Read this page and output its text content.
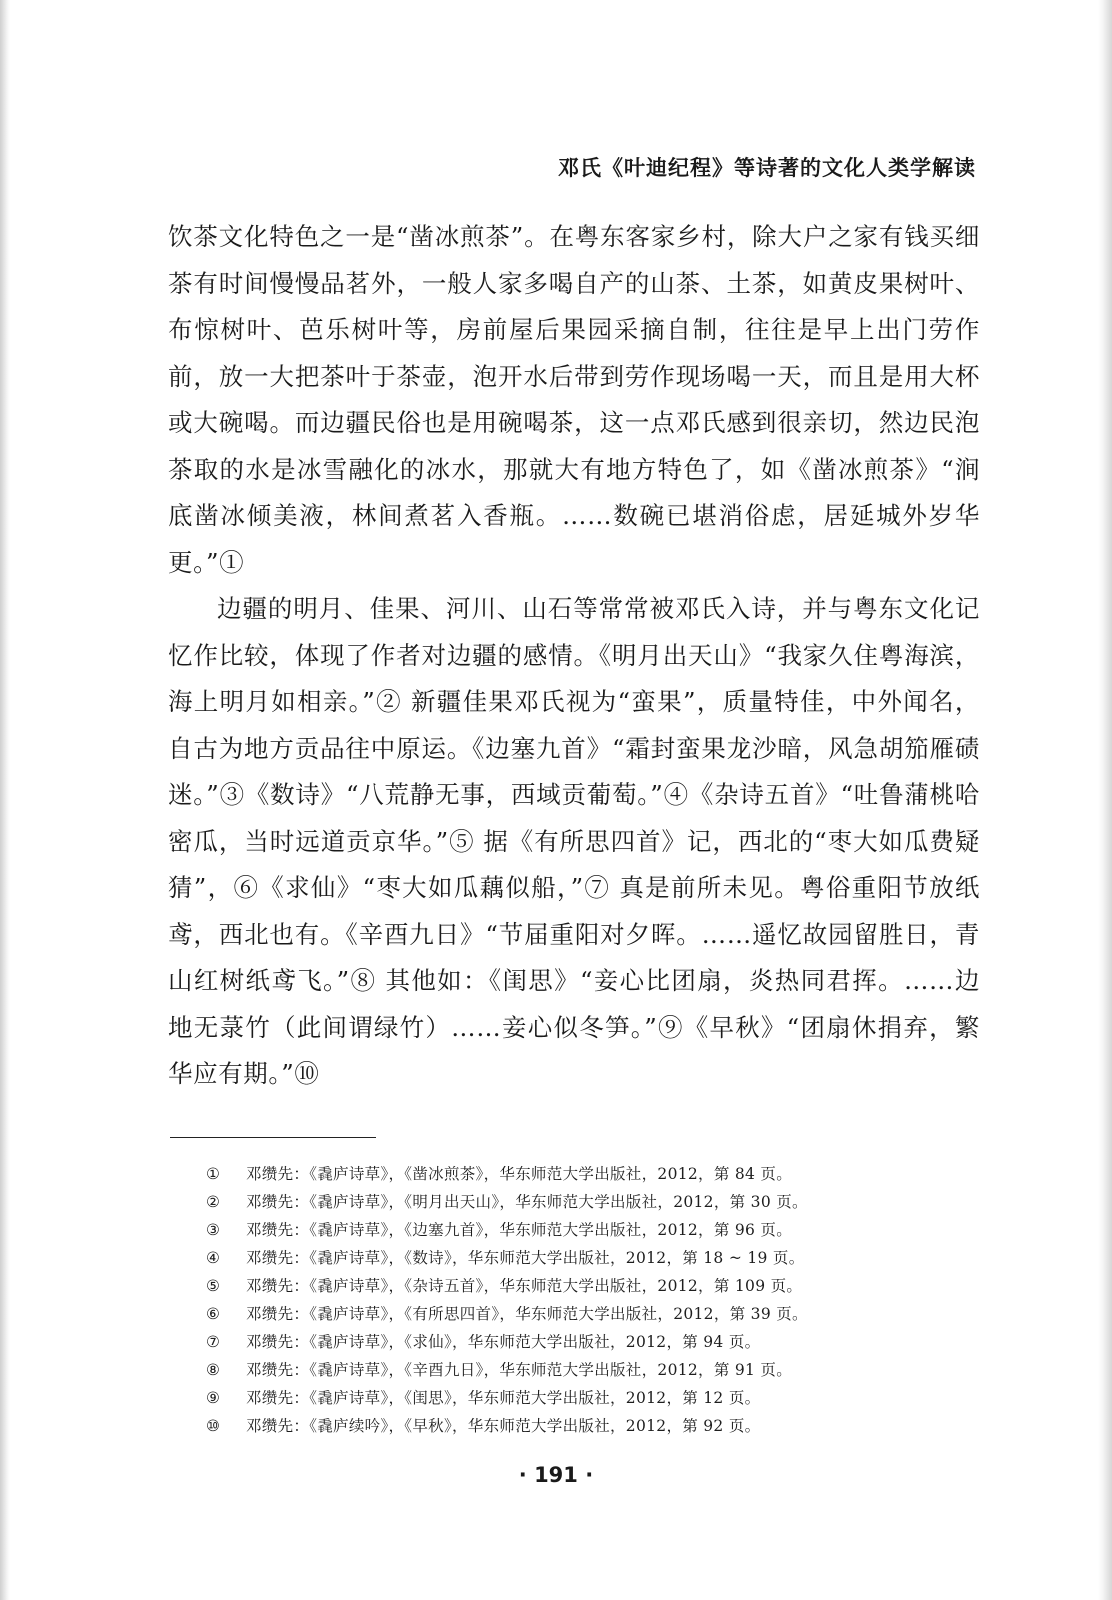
邓氏《叶迪纪程》等诗著的文化人类学解读

饮茶文化特色之一是“凿冰煎茶”。在粤东客家乡村，除大户之家有钱买细茶有时间慢慢品茗外，一般人家多喝自产的山茶、土茶，如黄皮果树叶、布惊树叶、芭乐树叶等，房前屋后果园采摘自制，往往是早上出门劳作前，放一大把茶叶于茶壶，泡开水后带到劳作现场喝一天，而且是用大杯或大碗喝。而边疆民俗也是用碗喝茶，这一点邓氏感到很亲切，然边民泡茶取的水是冰雪融化的冰水，那就大有地方特色了，如《凿冰煎茶》“涧底凿冰倾美液，林间煮茗入香瓶。……数碗已堪消俗虑，居延城外岁华更。”①

边疆的明月、佳果、河川、山石等常常被邓氏入诗，并与粤东文化记忆作比较，体现了作者对边疆的感情。《明月出天山》“我家久住粤海滨，海上明月如相亲。”② 新疆佳果邓氏视为“蛮果”，质量特佳，中外闻名，自古为地方贡品往中原运。《边塞九首》“霜封蛮果龙沙暗，风急胡笳雁碛迷。”③《数诗》“八荒静无事，西域贡葡萄。”④《杂诗五首》“吐鲁蒲桃哈密瓜，当时远道贡京华。”⑤ 据《有所思四首》记，西北的“枣大如瓜费疑猜”，⑥《求仙》“枣大如瓜藕似船，”⑦ 真是前所未见。粤俗重阳节放纸鸢，西北也有。《辛酉九日》“节届重阳对夕晖。……遥忆故园留胜日，青山红树纸鸢飞。”⑧ 其他如：《闺思》“妾心比团扇，炎热同君挥。……边地无菉竹（此间谓绿竹）……妾心似冬笋。”⑨《早秋》“团扇休捐弃，繁华应有期。”⑩

①	邓缵先：《毳庐诗草》，《凿冰煎茶》，华东师范大学出版社，2012，第 84 页。
②	邓缵先：《毳庐诗草》，《明月出天山》，华东师范大学出版社，2012，第 30 页。
③	邓缵先：《毳庐诗草》，《边塞九首》，华东师范大学出版社，2012，第 96 页。
④	邓缵先：《毳庐诗草》，《数诗》，华东师范大学出版社，2012，第 18 ~ 19 页。
⑤	邓缵先：《毳庐诗草》，《杂诗五首》，华东师范大学出版社，2012，第 109 页。
⑥	邓缵先：《毳庐诗草》，《有所思四首》，华东师范大学出版社，2012，第 39 页。
⑦	邓缵先：《毳庐诗草》，《求仙》，华东师范大学出版社，2012，第 94 页。
⑧	邓缵先：《毳庐诗草》，《辛酉九日》，华东师范大学出版社，2012，第 91 页。
⑨	邓缵先：《毳庐诗草》，《闺思》，华东师范大学出版社，2012，第 12 页。
⑩	邓缵先：《毳庐续吟》，《早秋》，华东师范大学出版社，2012，第 92 页。
· 191 ·
